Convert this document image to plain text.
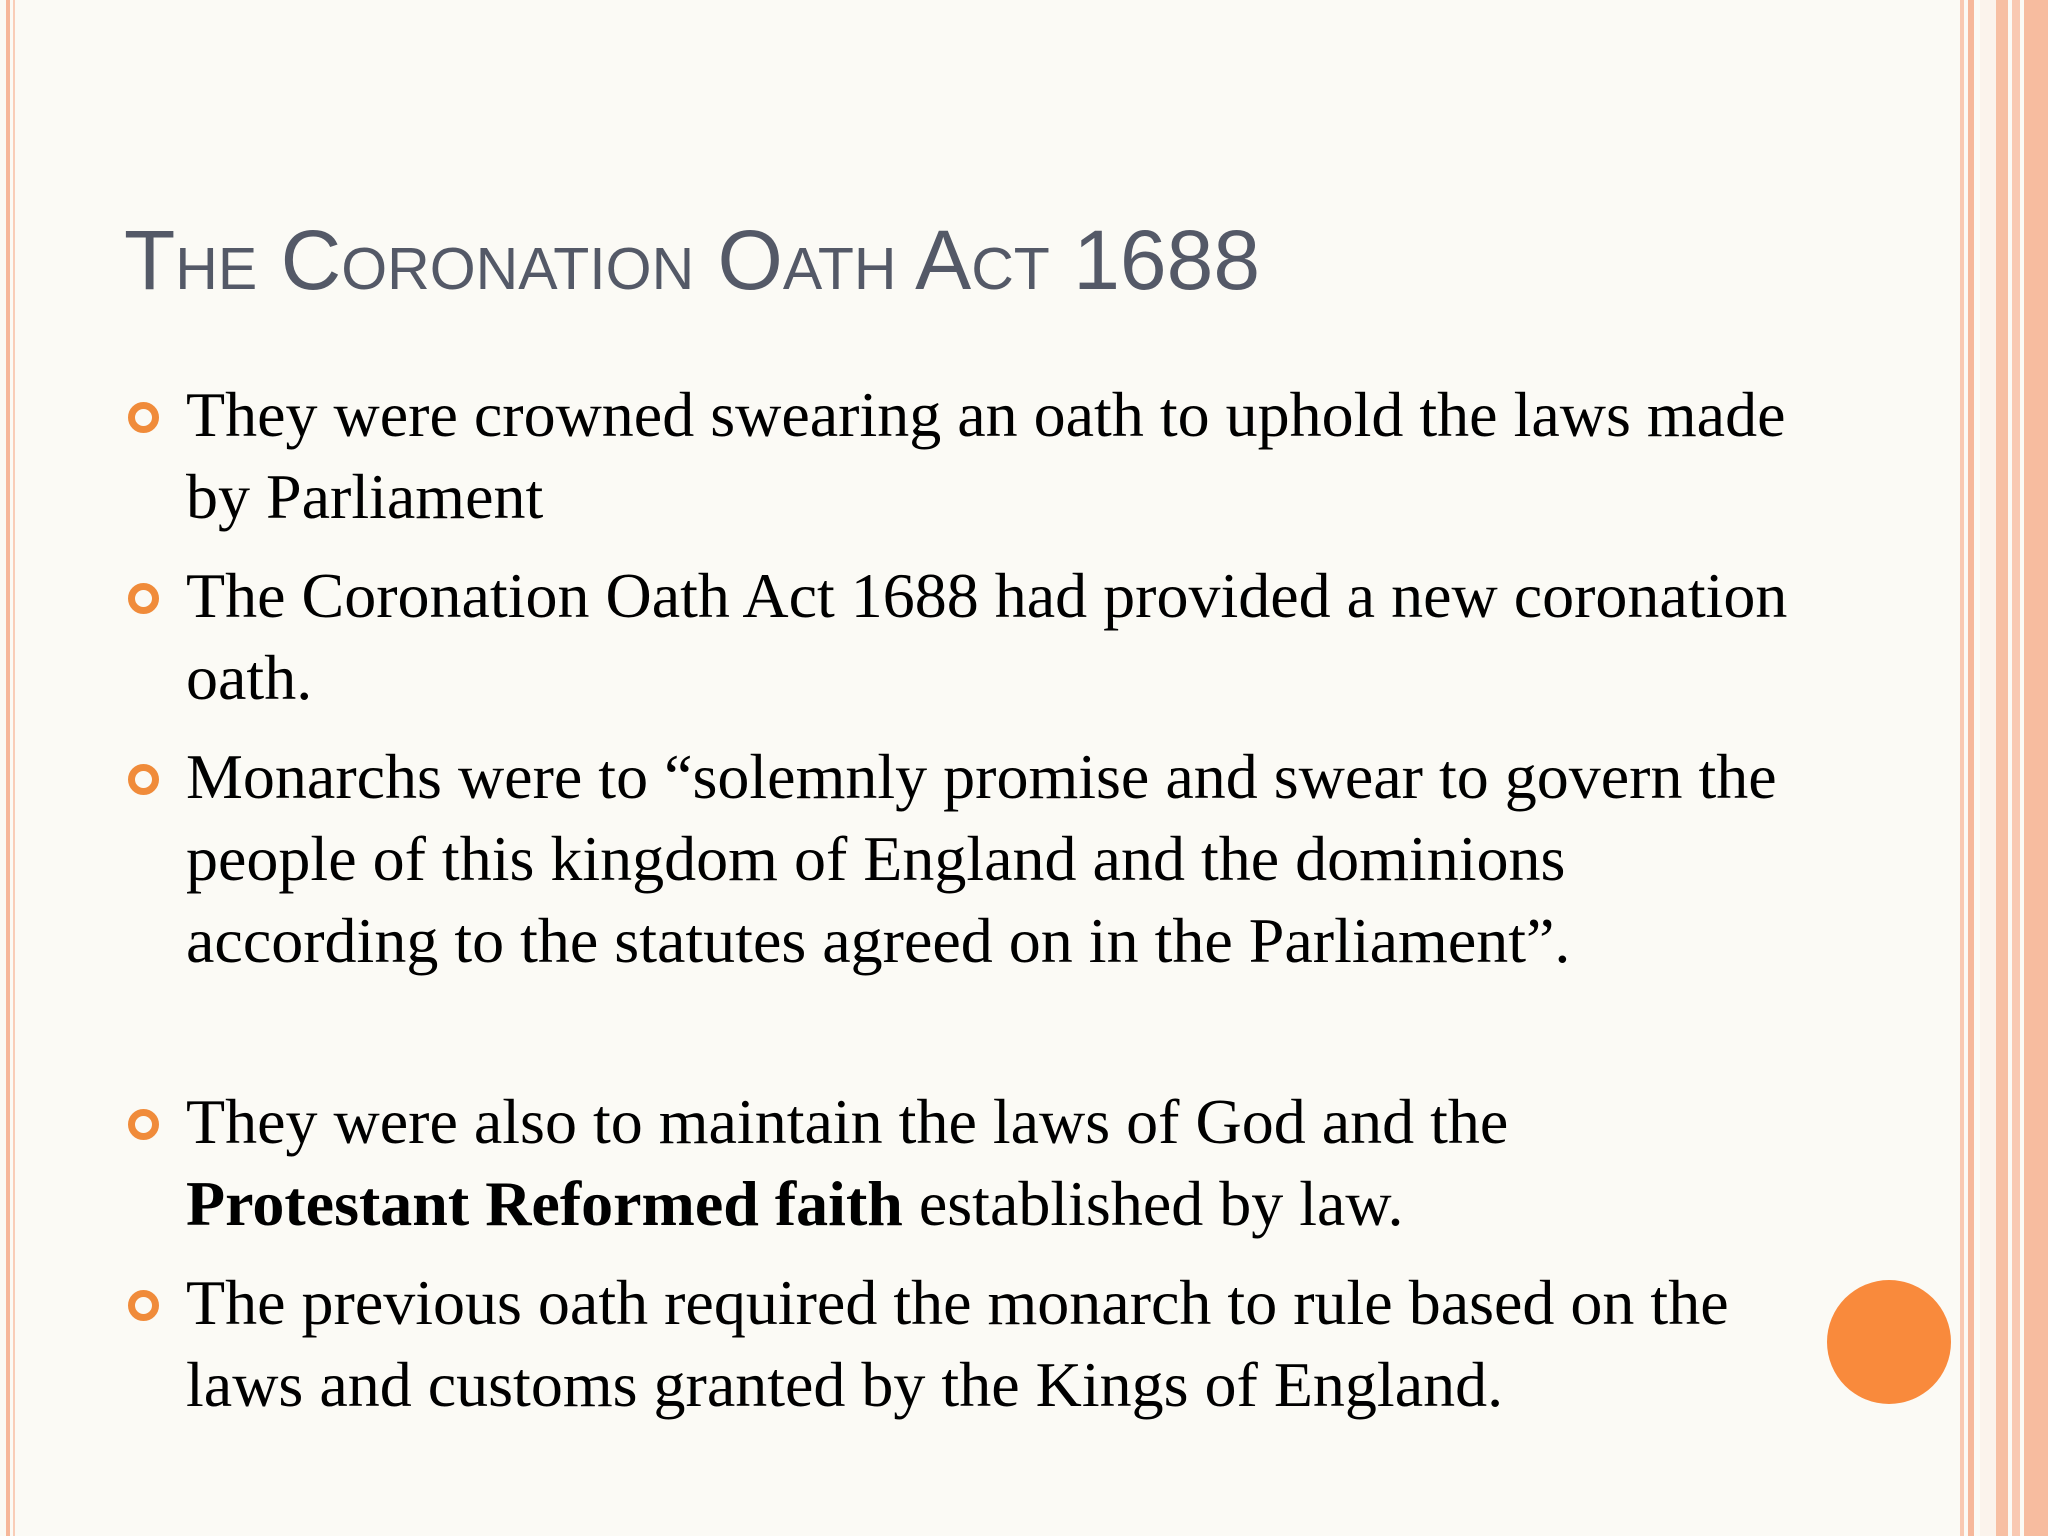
The Coronation Oath Act 1688
They were crowned swearing an oath to uphold the laws made by Parliament
The Coronation Oath Act 1688 had provided a new coronation oath.
Monarchs were to “solemnly promise and swear to govern the people of this kingdom of England and the dominions according to the statutes agreed on in the Parliament”.
They were also to maintain the laws of God and the Protestant Reformed faith established by law.
The previous oath required the monarch to rule based on the laws and customs granted by the Kings of England.
